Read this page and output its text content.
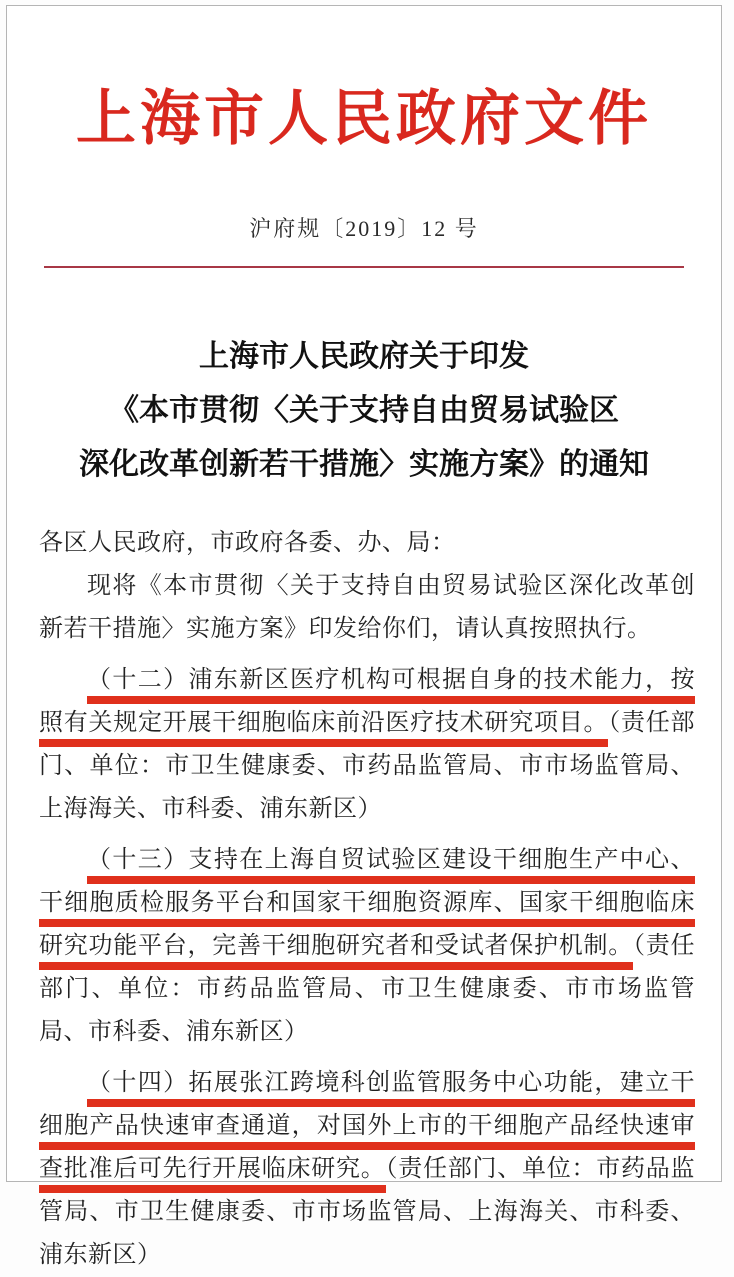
上海市人民政府文件
沪府规〔2019〕12 号
上海市人民政府关于印发
《本市贯彻〈关于支持自由贸易试验区
深化改革创新若干措施〉实施方案》的通知

各区人民政府，市政府各委、办、局：

现将《本市贯彻〈关于支持自由贸易试验区深化改革创新若干措施〉实施方案》印发给你们，请认真按照执行。

（十二）浦东新区医疗机构可根据自身的技术能力，按照有关规定开展干细胞临床前沿医疗技术研究项目。（责任部门、单位：市卫生健康委、市药品监管局、市市场监管局、上海海关、市科委、浦东新区）

（十三）支持在上海自贸试验区建设干细胞生产中心、干细胞质检服务平台和国家干细胞资源库、国家干细胞临床研究功能平台，完善干细胞研究者和受试者保护机制。（责任部门、单位：市药品监管局、市卫生健康委、市市场监管局、市科委、浦东新区）

（十四）拓展张江跨境科创监管服务中心功能，建立干细胞产品快速审查通道，对国外上市的干细胞产品经快速审查批准后可先行开展临床研究。（责任部门、单位：市药品监管局、市卫生健康委、市市场监管局、上海海关、市科委、浦东新区）
